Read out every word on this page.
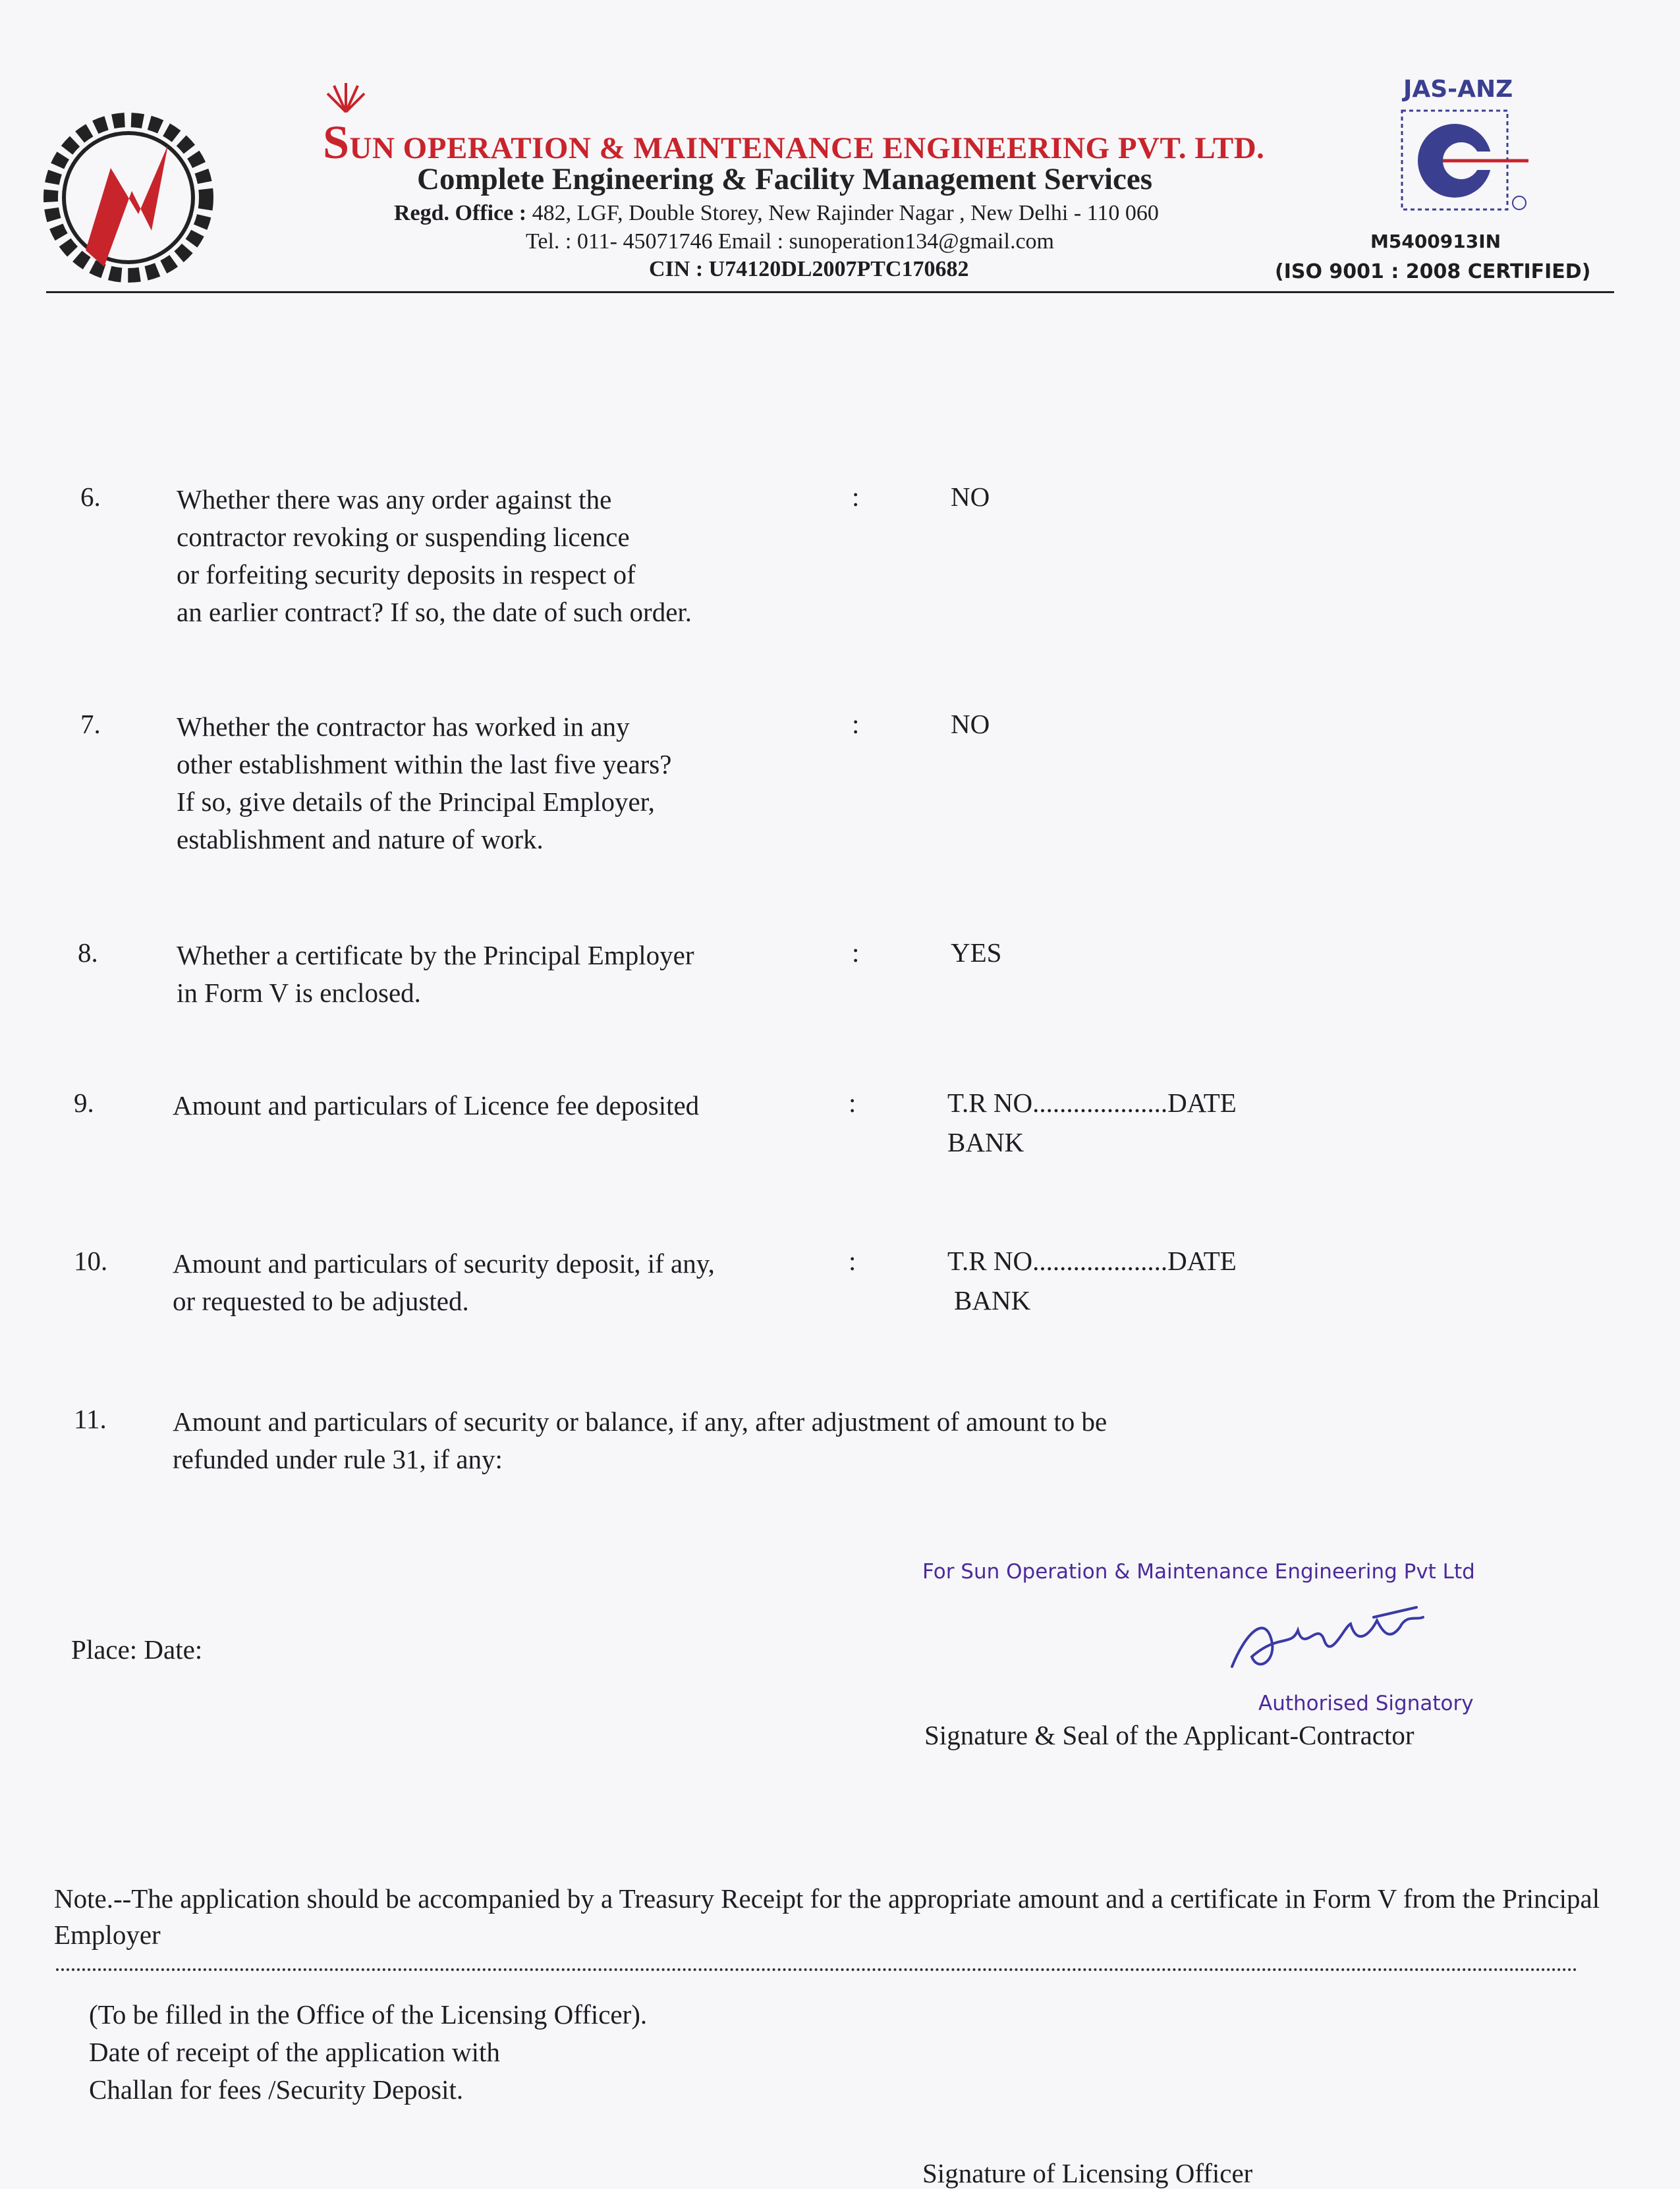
SUN OPERATION & MAINTENANCE ENGINEERING PVT. LTD.
Complete Engineering & Facility Management Services
Regd. Office : 482, LGF, Double Storey, New Rajinder Nagar , New Delhi - 110 060
Tel. : 011- 45071746 Email : sunoperation134@gmail.com
CIN : U74120DL2007PTC170682
JAS-ANZ
M5400913IN
(ISO 9001 : 2008 CERTIFIED)
6.	Whether there was any order against the
contractor revoking or suspending licence
or forfeiting security deposits in respect of
an earlier contract? If so, the date of such order.
:	NO
7.	Whether the contractor has worked in any
other establishment within the last five years?
If so, give details of the Principal Employer,
establishment and nature of work.
:	NO
8.	Whether a certificate by the Principal Employer
in Form V is enclosed.
:	YES
9.	Amount and particulars of Licence fee deposited	:	T.R NO....................DATE
BANK
10. Amount and particulars of security deposit, if any,
or requested to be adjusted.
:	T.R NO....................DATE
BANK
11. Amount and particulars of security or balance, if any, after adjustment of amount to be
refunded under rule 31, if any:
For Sun Operation & Maintenance Engineering Pvt Ltd
Authorised Signatory
Signature & Seal of the Applicant-Contractor
Place: Date:
Note.--The application should be accompanied by a Treasury Receipt for the appropriate amount and a certificate in Form V from the Principal Employer
(To be filled in the Office of the Licensing Officer).
Date of receipt of the application with
Challan for fees /Security Deposit.
Signature of Licensing Officer
